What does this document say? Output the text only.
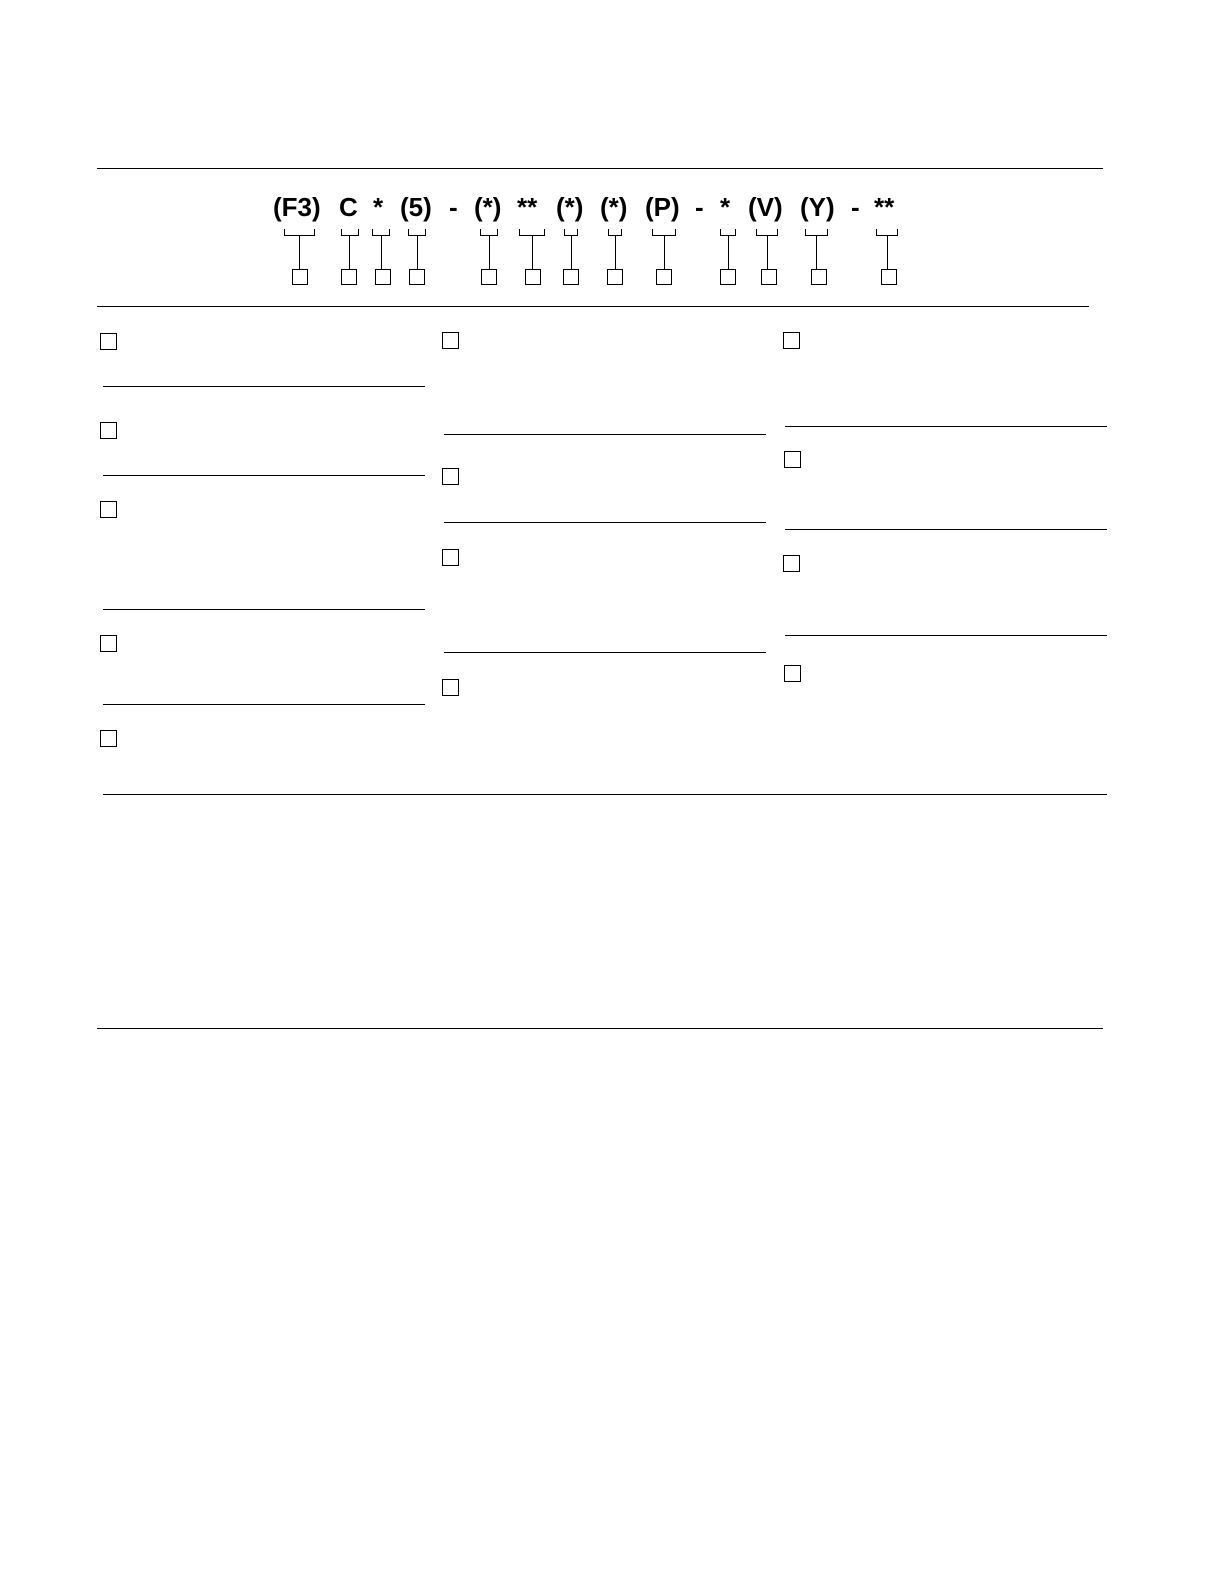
(F3) C * (5) - (*) ** (*) (*) (P) - * (V) (Y) - **
